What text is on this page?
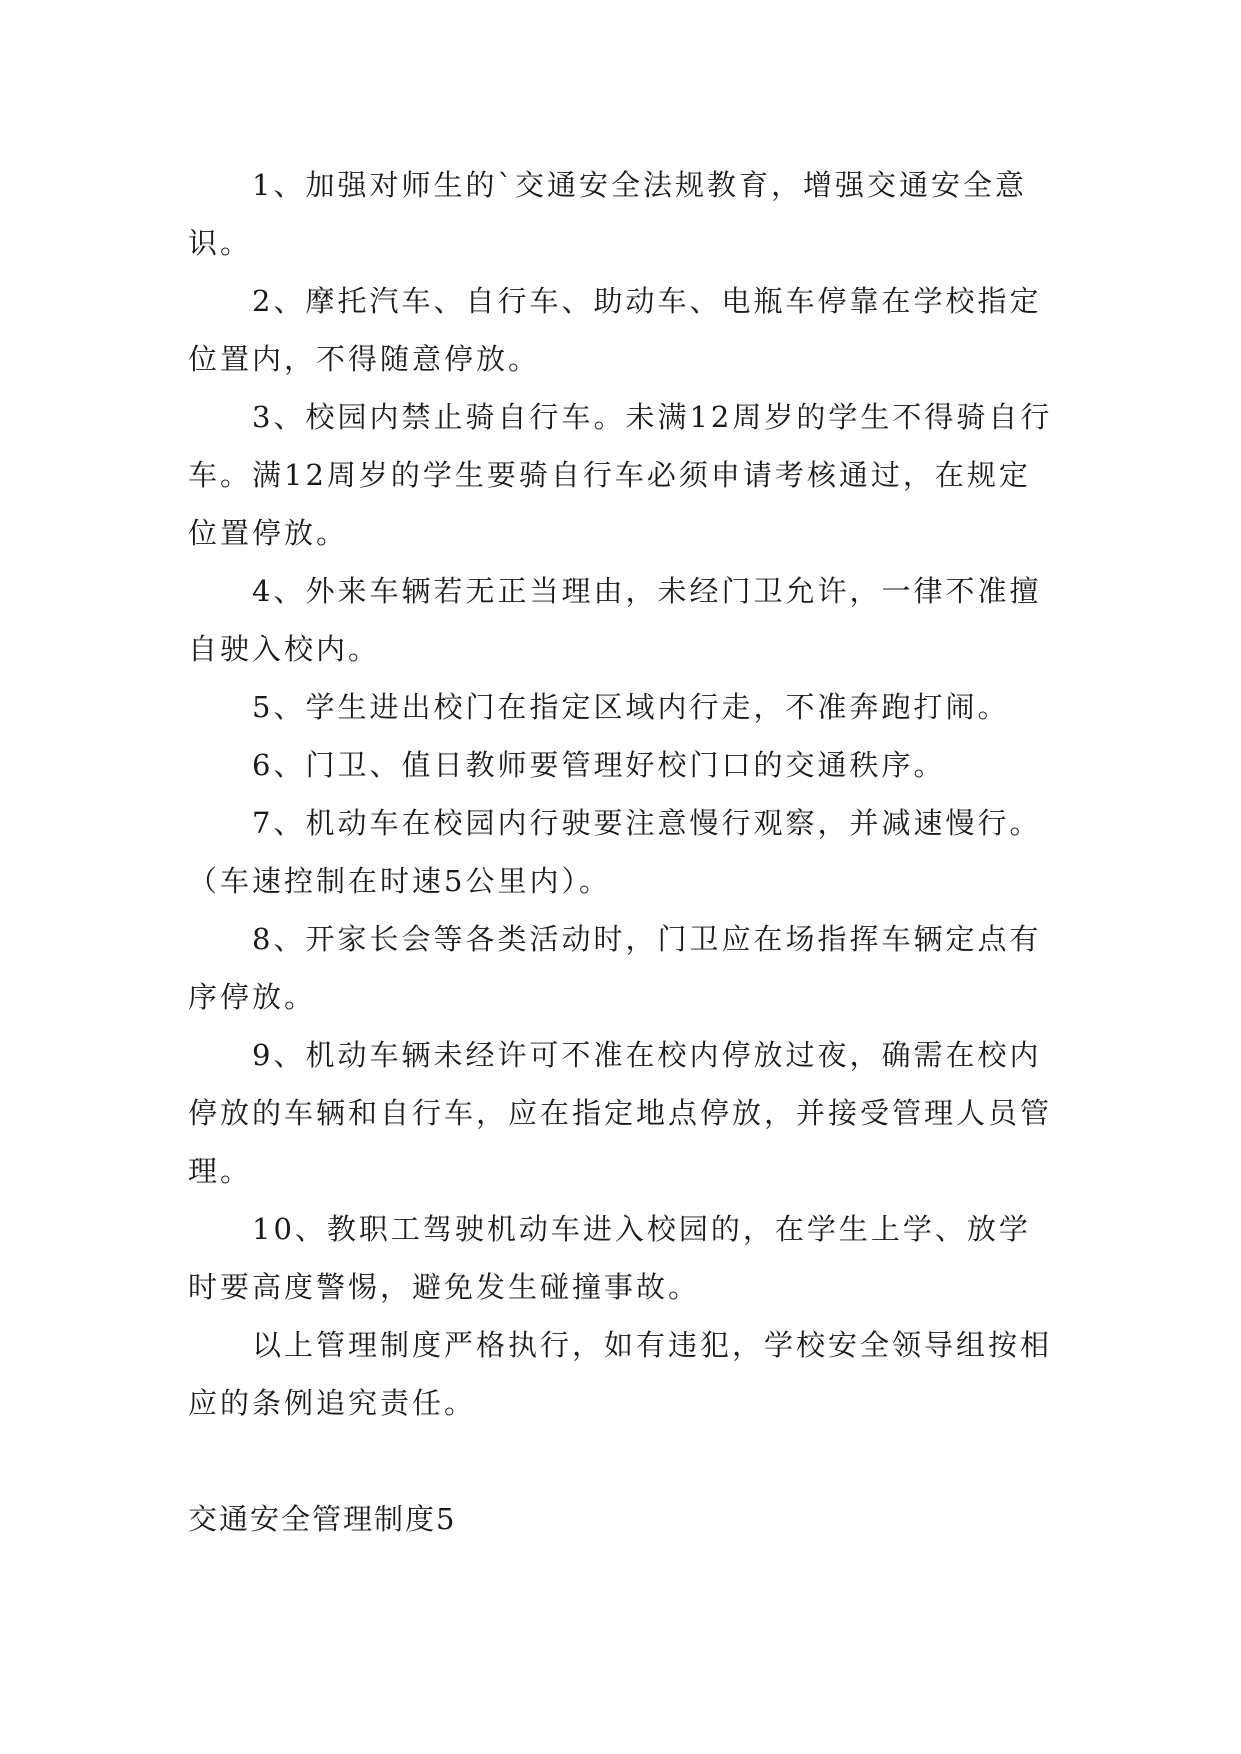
1、加强对师生的`交通安全法规教育，增强交通安全意识。

2、摩托汽车、自行车、助动车、电瓶车停靠在学校指定位置内，不得随意停放。

3、校园内禁止骑自行车。未满12周岁的学生不得骑自行车。满12周岁的学生要骑自行车必须申请考核通过，在规定位置停放。

4、外来车辆若无正当理由，未经门卫允许，一律不准擅自驶入校内。

5、学生进出校门在指定区域内行走，不准奔跑打闹。

6、门卫、值日教师要管理好校门口的交通秩序。

7、机动车在校园内行驶要注意慢行观察，并减速慢行。（车速控制在时速5公里内）。

8、开家长会等各类活动时，门卫应在场指挥车辆定点有序停放。

9、机动车辆未经许可不准在校内停放过夜，确需在校内停放的车辆和自行车，应在指定地点停放，并接受管理人员管理。

10、教职工驾驶机动车进入校园的，在学生上学、放学时要高度警惕，避免发生碰撞事故。

以上管理制度严格执行，如有违犯，学校安全领导组按相应的条例追究责任。

交通安全管理制度5
